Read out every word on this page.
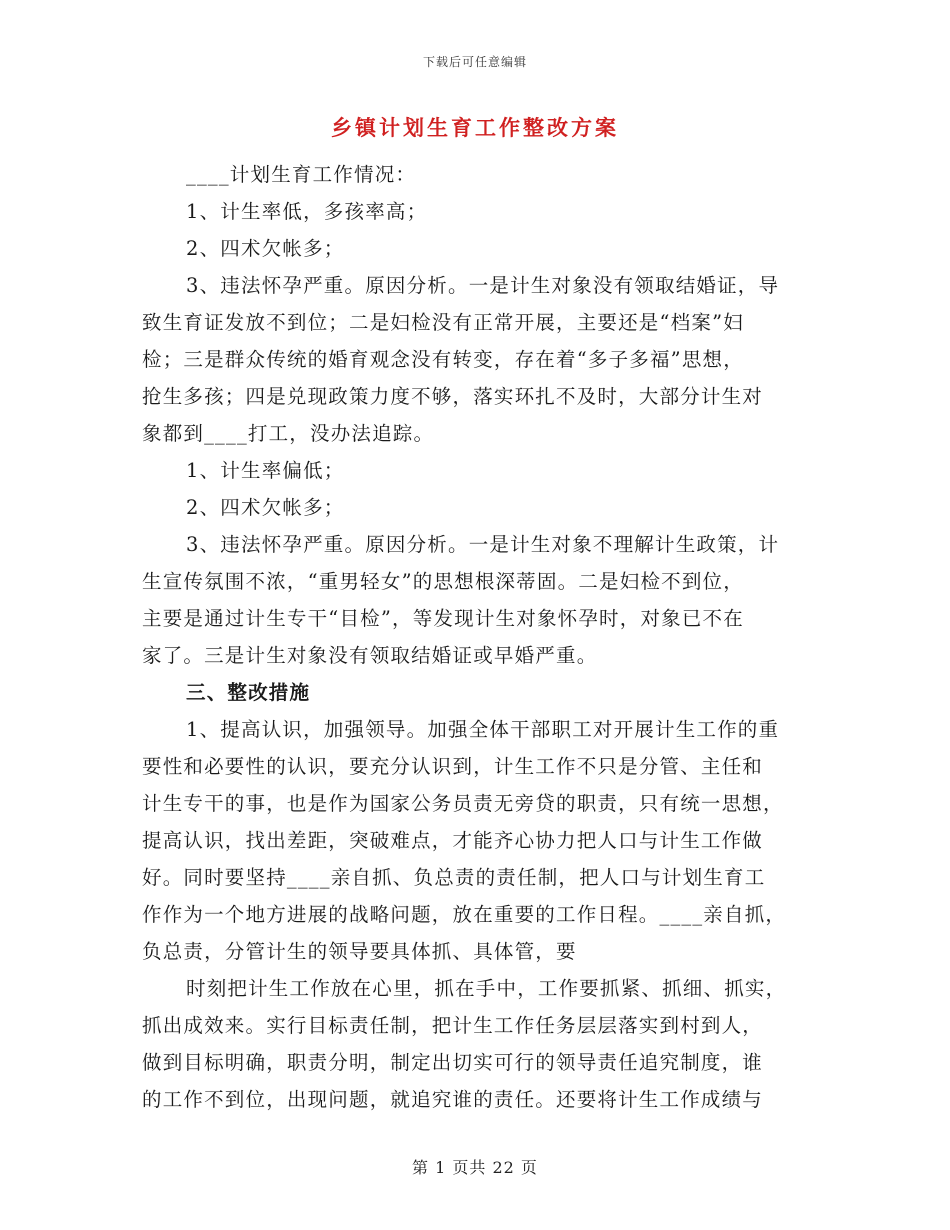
下载后可任意编辑
乡镇计划生育工作整改方案
____计划生育工作情况：
1、计生率低，多孩率高；
2、四术欠帐多；
3、违法怀孕严重。原因分析。一是计生对象没有领取结婚证，导
致生育证发放不到位；二是妇检没有正常开展，主要还是“档案”妇
检；三是群众传统的婚育观念没有转变，存在着“多子多福”思想，
抢生多孩；四是兑现政策力度不够，落实环扎不及时，大部分计生对
象都到____打工，没办法追踪。
1、计生率偏低；
2、四术欠帐多；
3、违法怀孕严重。原因分析。一是计生对象不理解计生政策，计
生宣传氛围不浓，“重男轻女”的思想根深蒂固。二是妇检不到位，
主要是通过计生专干“目检”，等发现计生对象怀孕时，对象已不在
家了。三是计生对象没有领取结婚证或早婚严重。
三、整改措施
1、提高认识，加强领导。加强全体干部职工对开展计生工作的重
要性和必要性的认识，要充分认识到，计生工作不只是分管、主任和
计生专干的事，也是作为国家公务员责无旁贷的职责，只有统一思想，
提高认识，找出差距，突破难点，才能齐心协力把人口与计生工作做
好。同时要坚持____亲自抓、负总责的责任制，把人口与计划生育工
作作为一个地方进展的战略问题，放在重要的工作日程。____亲自抓，
负总责，分管计生的领导要具体抓、具体管，要
时刻把计生工作放在心里，抓在手中，工作要抓紧、抓细、抓实，
抓出成效来。实行目标责任制，把计生工作任务层层落实到村到人，
做到目标明确，职责分明，制定出切实可行的领导责任追究制度，谁
的工作不到位，出现问题，就追究谁的责任。还要将计生工作成绩与
第 1 页共 22 页
